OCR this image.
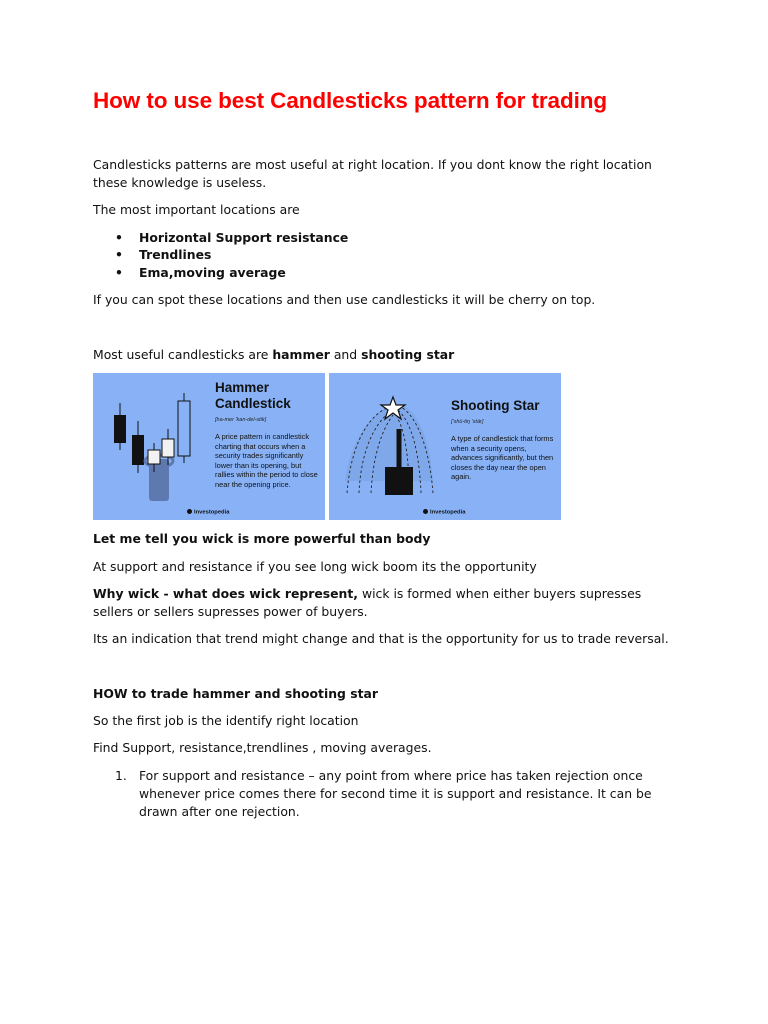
How to use best Candlesticks pattern for trading

Candlesticks patterns are most useful at right location. If you dont know the right location these knowledge is useless.

The most important locations are

• Horizontal Support resistance
• Trendlines
• Ema,moving average

If you can spot these locations and then use candlesticks it will be cherry on top.

Most useful candlesticks are hammer and shooting star

Hammer
Candlestick
[ha-mer 'kan-del-stik]
A price pattern in candlestick charting that occurs when a security trades significantly lower than its opening, but rallies within the period to close near the opening price.
Investopedia
Shooting Star
['shü-tiŋ 'stär]
A type of candlestick that forms when a security opens, advances significantly, but then closes the day near the open again.
Investopedia

Let me tell you wick is more powerful than body

At support and resistance if you see long wick boom its the opportunity

Why wick - what does wick represent, wick is formed when either buyers supresses sellers or sellers supresses power of buyers.

Its an indication that trend might change and that is the opportunity for us to trade reversal.

HOW to trade hammer and shooting star

So the first job is the identify right location

Find Support, resistance,trendlines , moving averages.

1. For support and resistance – any point from where price has taken rejection once whenever price comes there for second time it is support and resistance. It can be drawn after one rejection.
